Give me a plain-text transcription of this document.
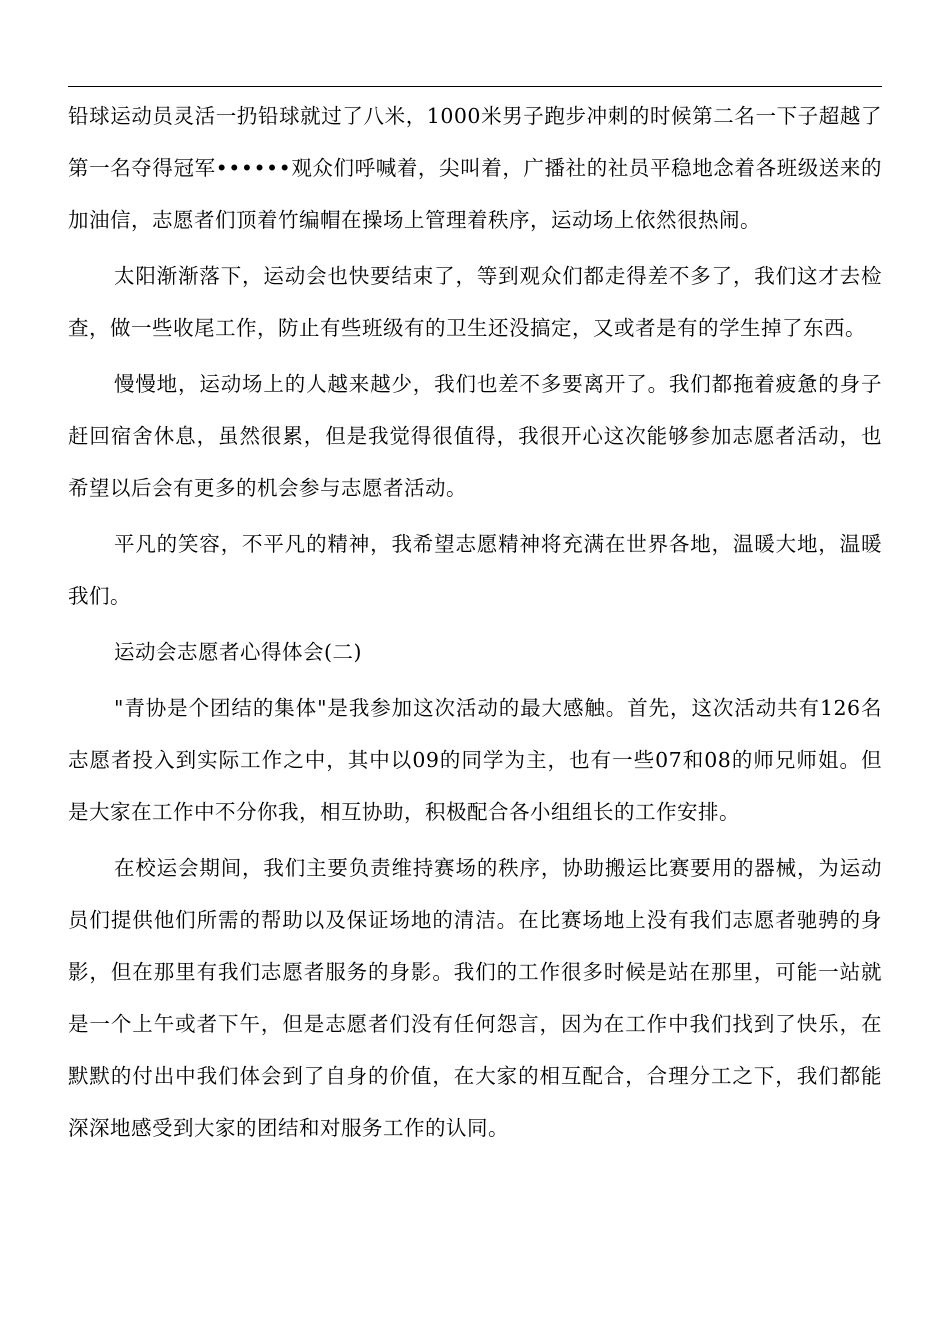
铅球运动员灵活一扔铅球就过了八米，1000米男子跑步冲刺的时候第二名一下子超越了第一名夺得冠军••••••观众们呼喊着，尖叫着，广播社的社员平稳地念着各班级送来的加油信，志愿者们顶着竹编帽在操场上管理着秩序，运动场上依然很热闹。

太阳渐渐落下，运动会也快要结束了，等到观众们都走得差不多了，我们这才去检查，做一些收尾工作，防止有些班级有的卫生还没搞定，又或者是有的学生掉了东西。

慢慢地，运动场上的人越来越少，我们也差不多要离开了。我们都拖着疲惫的身子赶回宿舍休息，虽然很累，但是我觉得很值得，我很开心这次能够参加志愿者活动，也希望以后会有更多的机会参与志愿者活动。

平凡的笑容，不平凡的精神，我希望志愿精神将充满在世界各地，温暖大地，温暖我们。

运动会志愿者心得体会(二)

"青协是个团结的集体"是我参加这次活动的最大感触。首先，这次活动共有126名志愿者投入到实际工作之中，其中以09的同学为主，也有一些07和08的师兄师姐。但是大家在工作中不分你我，相互协助，积极配合各小组组长的工作安排。

在校运会期间，我们主要负责维持赛场的秩序，协助搬运比赛要用的器械，为运动员们提供他们所需的帮助以及保证场地的清洁。在比赛场地上没有我们志愿者驰骋的身影，但在那里有我们志愿者服务的身影。我们的工作很多时候是站在那里，可能一站就是一个上午或者下午，但是志愿者们没有任何怨言，因为在工作中我们找到了快乐，在默默的付出中我们体会到了自身的价值，在大家的相互配合，合理分工之下，我们都能深深地感受到大家的团结和对服务工作的认同。
